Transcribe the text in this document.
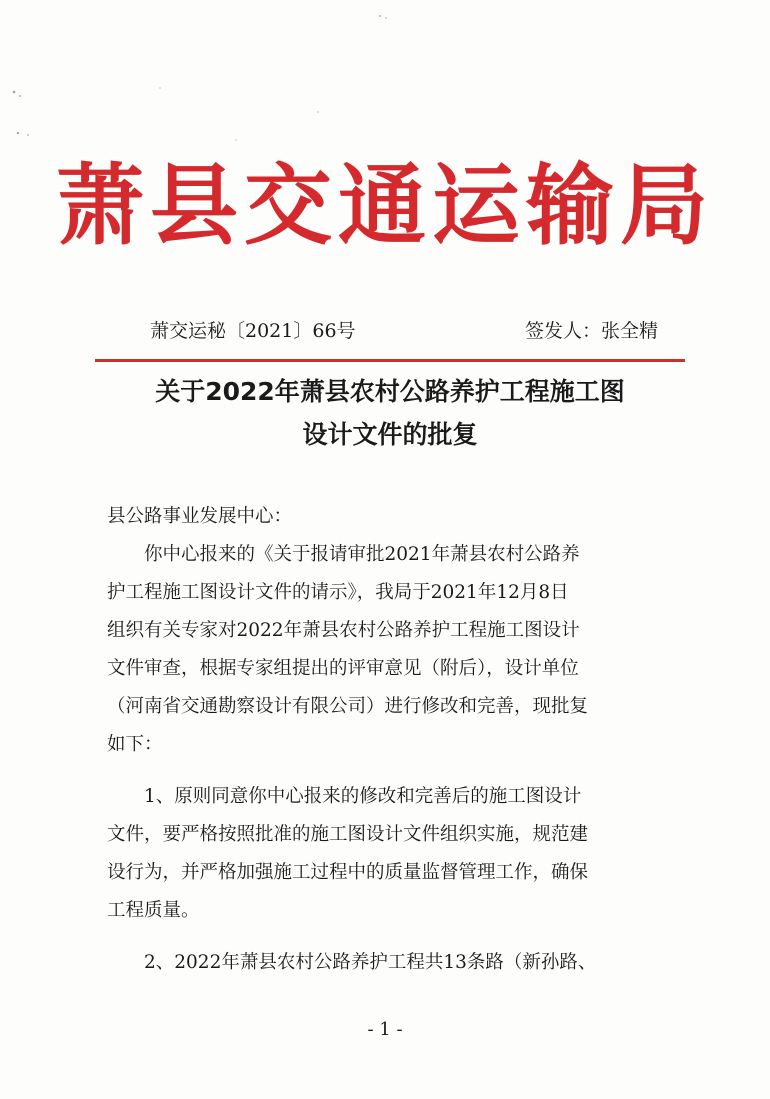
萧县交通运输局

萧交运秘〔2021〕66号	签发人：张全精

关于2022年萧县农村公路养护工程施工图
设计文件的批复
县公路事业发展中心：
你中心报来的《关于报请审批2021年萧县农村公路养
护工程施工图设计文件的请示》，我局于2021年12月8日
组织有关专家对2022年萧县农村公路养护工程施工图设计
文件审查，根据专家组提出的评审意见（附后），设计单位
（河南省交通勘察设计有限公司）进行修改和完善，现批复
如下：
1、原则同意你中心报来的修改和完善后的施工图设计
文件，要严格按照批准的施工图设计文件组织实施，规范建
设行为，并严格加强施工过程中的质量监督管理工作，确保
工程质量。
2、2022年萧县农村公路养护工程共13条路（新孙路、

- 1 -
